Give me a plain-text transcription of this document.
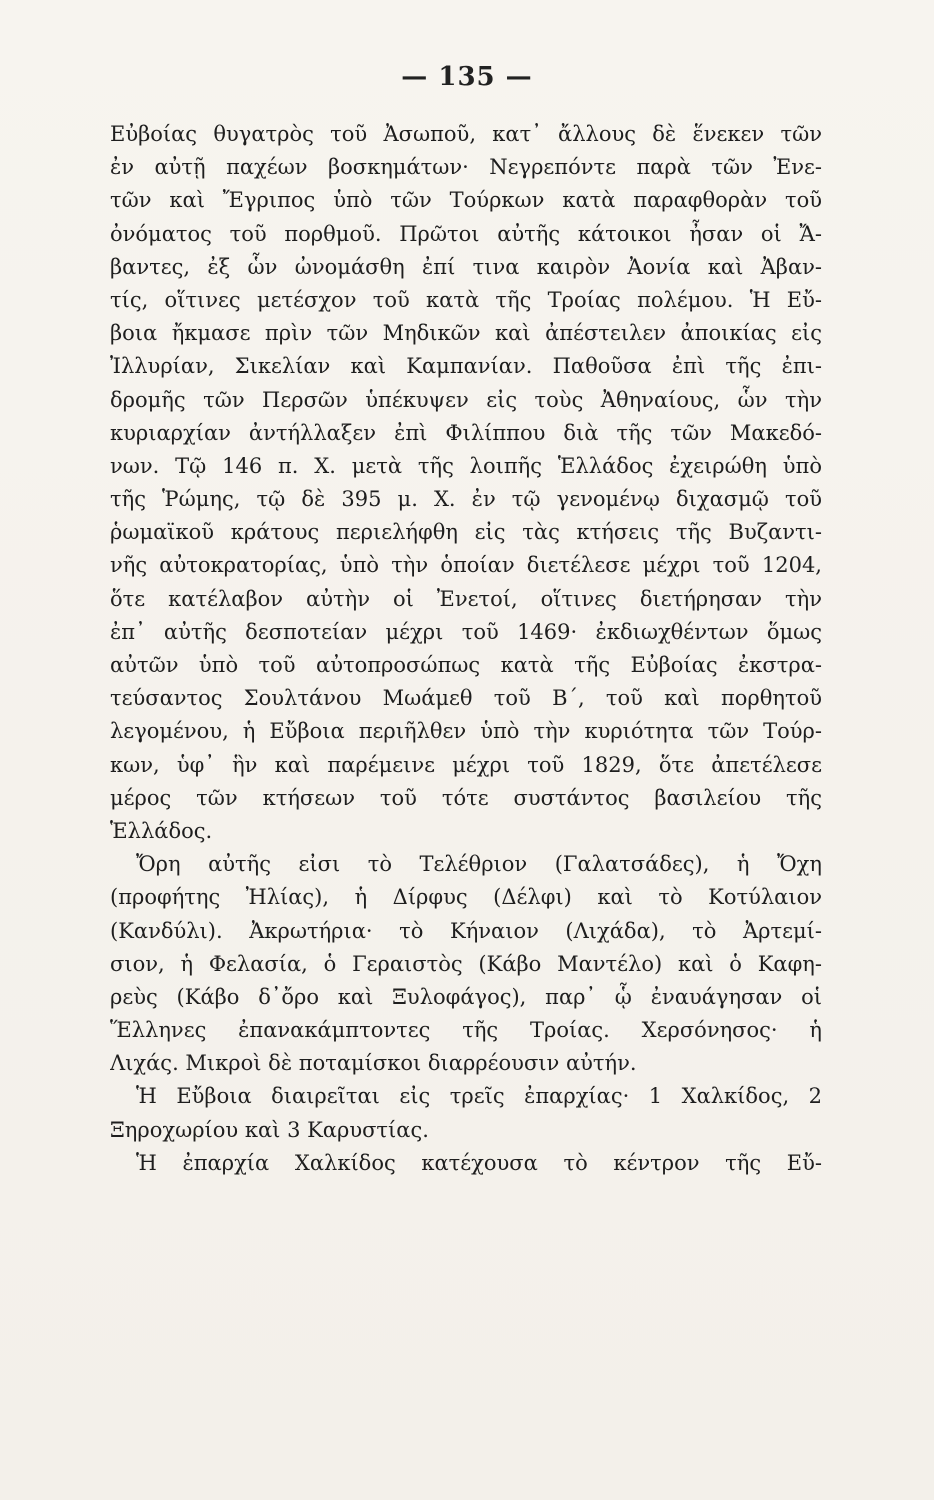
— 135 —
Εὐβοίας θυγατρὸς τοῦ Ἀσωποῦ, κατ᾽ ἄλλους δὲ ἕνεκεν τῶν
ἐν αὐτῇ παχέων βοσκημάτων· Νεγρεπόντε παρὰ τῶν Ἐνε-
τῶν καὶ Ἔγριπος ὑπὸ τῶν Τούρκων κατὰ παραφθορὰν τοῦ
ὀνόματος τοῦ πορθμοῦ. Πρῶτοι αὐτῆς κάτοικοι ἦσαν οἱ Ἄ-
βαντες, ἐξ ὧν ὠνομάσθη ἐπί τινα καιρὸν Ἀονία καὶ Ἀβαν-
τίς, οἵτινες μετέσχον τοῦ κατὰ τῆς Τροίας πολέμου. Ἡ Εὔ-
βοια ἤκμασε πρὶν τῶν Μηδικῶν καὶ ἀπέστειλεν ἀποικίας εἰς
Ἰλλυρίαν, Σικελίαν καὶ Καμπανίαν. Παθοῦσα ἐπὶ τῆς ἐπι-
δρομῆς τῶν Περσῶν ὑπέκυψεν εἰς τοὺς Ἀθηναίους, ὧν τὴν
κυριαρχίαν ἀντήλλαξεν ἐπὶ Φιλίππου διὰ τῆς τῶν Μακεδό-
νων. Τῷ 146 π. Χ. μετὰ τῆς λοιπῆς Ἑλλάδος ἐχειρώθη ὑπὸ
τῆς Ῥώμης, τῷ δὲ 395 μ. Χ. ἐν τῷ γενομένῳ διχασμῷ τοῦ
ῥωμαϊκοῦ κράτους περιελήφθη εἰς τὰς κτήσεις τῆς Βυζαντι-
νῆς αὐτοκρατορίας, ὑπὸ τὴν ὁποίαν διετέλεσε μέχρι τοῦ 1204,
ὅτε κατέλαβον αὐτὴν οἱ Ἐνετοί, οἵτινες διετήρησαν τὴν
ἐπ᾽ αὐτῆς δεσποτείαν μέχρι τοῦ 1469· ἐκδιωχθέντων ὅμως
αὐτῶν ὑπὸ τοῦ αὐτοπροσώπως κατὰ τῆς Εὐβοίας ἐκστρα-
τεύσαντος Σουλτάνου Μωάμεθ τοῦ Β΄, τοῦ καὶ πορθητοῦ
λεγομένου, ἡ Εὔβοια περιῆλθεν ὑπὸ τὴν κυριότητα τῶν Τούρ-
κων, ὑφ᾽ ἣν καὶ παρέμεινε μέχρι τοῦ 1829, ὅτε ἀπετέλεσε
μέρος τῶν κτήσεων τοῦ τότε συστάντος βασιλείου τῆς
Ἑλλάδος.
Ὄρη αὐτῆς εἰσι τὸ Τελέθριον (Γαλατσάδες), ἡ Ὄχη
(προφήτης Ἠλίας), ἡ Δίρφυς (Δέλφι) καὶ τὸ Κοτύλαιον
(Κανδύλι). Ἀκρωτήρια· τὸ Κήναιον (Λιχάδα), τὸ Ἀρτεμί-
σιον, ἡ Φελασία, ὁ Γεραιστὸς (Κάβο Μαντέλο) καὶ ὁ Καφη-
ρεὺς (Κάβο δ᾽ὄρο καὶ Ξυλοφάγος), παρ᾽ ᾧ ἐναυάγησαν οἱ
Ἕλληνες ἐπανακάμπτοντες τῆς Τροίας. Χερσόνησος· ἡ
Λιχάς. Μικροὶ δὲ ποταμίσκοι διαρρέουσιν αὐτήν.
Ἡ Εὔβοια διαιρεῖται εἰς τρεῖς ἐπαρχίας· 1 Χαλκίδος, 2
Ξηροχωρίου καὶ 3 Καρυστίας.
Ἡ ἐπαρχία Χαλκίδος κατέχουσα τὸ κέντρον τῆς Εὔ-
